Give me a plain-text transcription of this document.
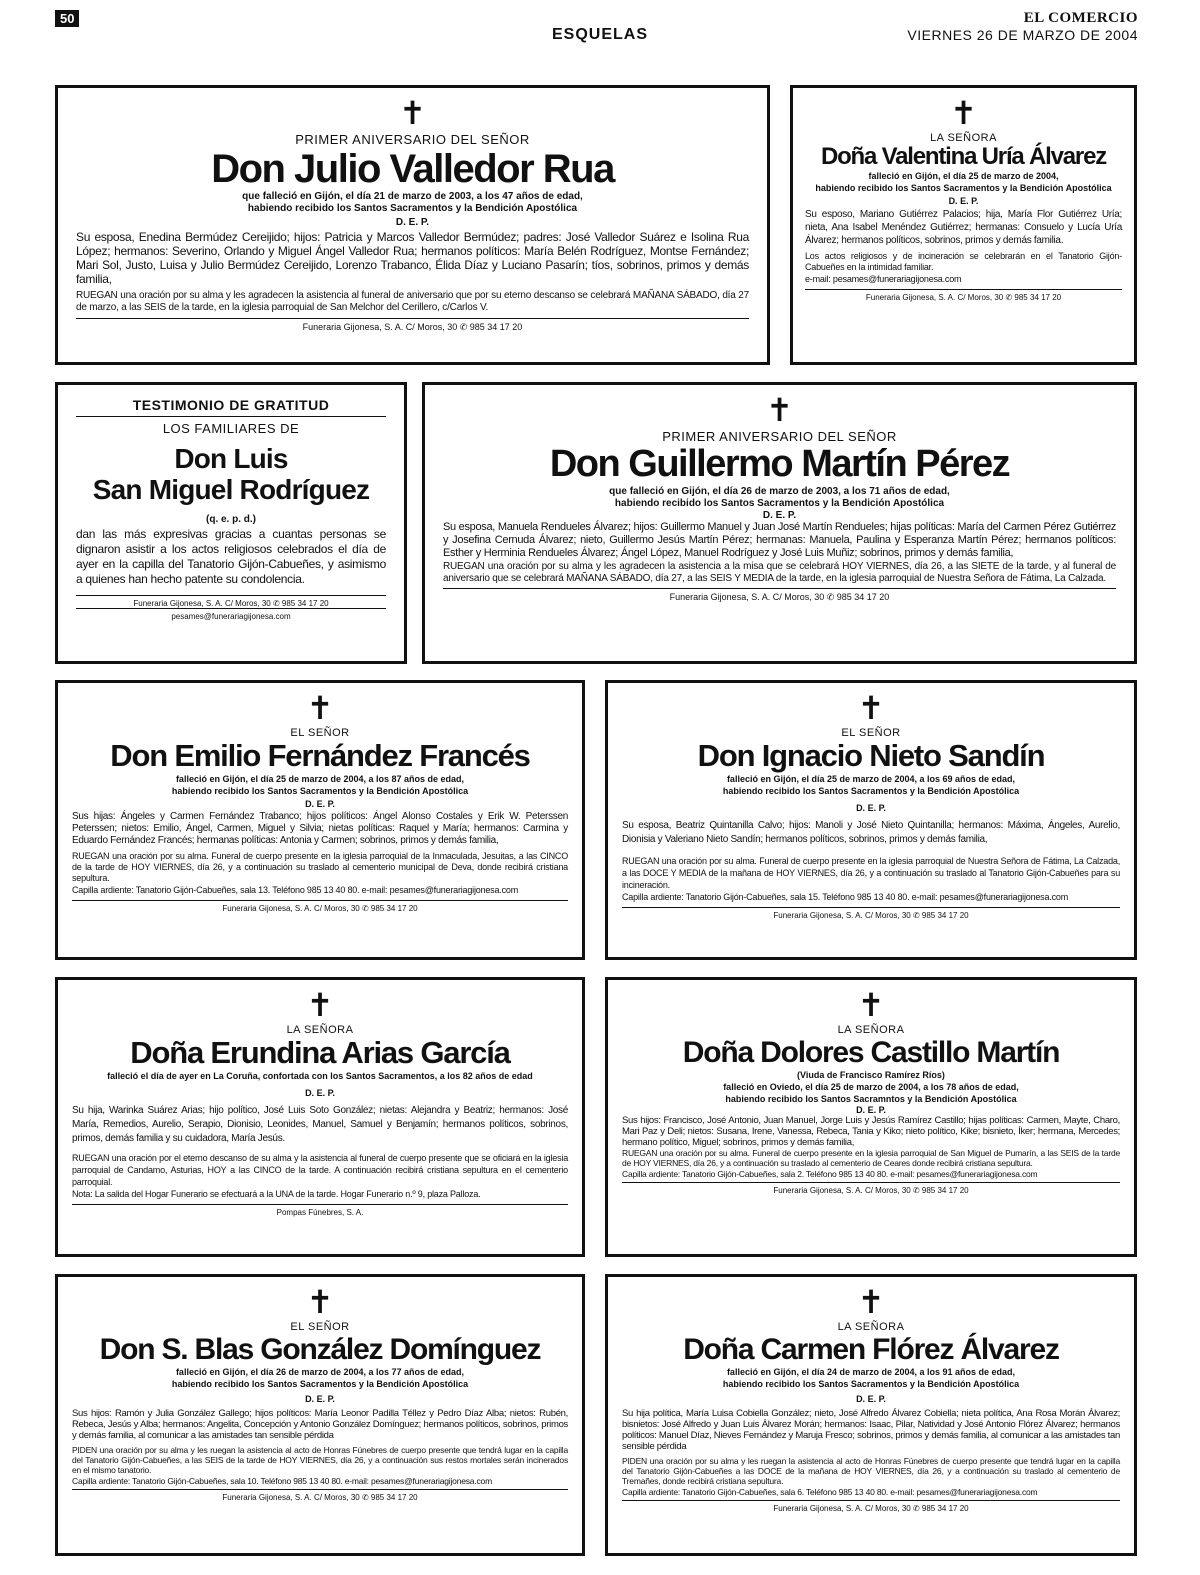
50
ESQUELAS
EL COMERCIO
VIERNES 26 DE MARZO DE 2004
✝
PRIMER ANIVERSARIO DEL SEÑOR
Don Julio Valledor Rua
que falleció en Gijón, el día 21 de marzo de 2003, a los 47 años de edad,
habiendo recibido los Santos Sacramentos y la Bendición Apostólica
D. E. P.
Su esposa, Enedina Bermúdez Cereijido; hijos: Patricia y Marcos Valledor Bermúdez; padres: José Valledor Suárez e Isolina Rua López; hermanos: Severino, Orlando y Miguel Ángel Valledor Rua; hermanos políticos: María Belén Rodríguez, Montse Fernández; Mari Sol, Justo, Luisa y Julio Bermúdez Cereijido, Lorenzo Trabanco, Élida Díaz y Luciano Pasarín; tíos, sobrinos, primos y demás familia,
RUEGAN una oración por su alma y les agradecen la asistencia al funeral de aniversario que por su eterno descanso se celebrará MAÑANA SÁBADO, día 27 de marzo, a las SEIS de la tarde, en la iglesia parroquial de San Melchor del Cerillero, c/Carlos V.
Funeraria Gijonesa, S. A. C/ Moros, 30 ✆ 985 34 17 20
✝
LA SEÑORA
Doña Valentina Uría Álvarez
falleció en Gijón, el día 25 de marzo de 2004,
habiendo recibido los Santos Sacramentos y la Bendición Apostólica
D. E. P.
Su esposo, Mariano Gutiérrez Palacios; hija, María Flor Gutiérrez Uría; nieta, Ana Isabel Menéndez Gutiérrez; hermanas: Consuelo y Lucía Uría Álvarez; hermanos políticos, sobrinos, primos y demás familia.
Los actos religiosos y de incineración se celebrarán en el Tanatorio Gijón-Cabueñes en la intimidad familiar.
e-mail: pesames@funerariagijonesa.com
Funeraria Gijonesa, S. A. C/ Moros, 30 ✆ 985 34 17 20
TESTIMONIO DE GRATITUD
LOS FAMILIARES DE
Don Luis
San Miguel Rodríguez
(q. e. p. d.)
dan las más expresivas gracias a cuantas personas se dignaron asistir a los actos religiosos celebrados el día de ayer en la capilla del Tanatorio Gijón-Cabueñes, y asimismo a quienes han hecho patente su condolencia.
Funeraria Gijonesa, S. A. C/ Moros, 30 ✆ 985 34 17 20
pesames@funerariagijonesa.com
✝
PRIMER ANIVERSARIO DEL SEÑOR
Don Guillermo Martín Pérez
que falleció en Gijón, el día 26 de marzo de 2003, a los 71 años de edad,
habiendo recibido los Santos Sacramentos y la Bendición Apostólica
D. E. P.
Su esposa, Manuela Rendueles Álvarez; hijos: Guillermo Manuel y Juan José Martín Rendueles; hijas políticas: María del Carmen Pérez Gutiérrez y Josefina Cernuda Álvarez; nieto, Guillermo Jesús Martín Pérez; hermanas: Manuela, Paulina y Esperanza Martín Pérez; hermanos políticos: Esther y Herminia Rendueles Álvarez; Ángel López, Manuel Rodríguez y José Luis Muñiz; sobrinos, primos y demás familia,
RUEGAN una oración por su alma y les agradecen la asistencia a la misa que se celebrará HOY VIERNES, día 26, a las SIETE de la tarde, y al funeral de aniversario que se celebrará MAÑANA SÁBADO, día 27, a las SEIS Y MEDIA de la tarde, en la iglesia parroquial de Nuestra Señora de Fátima, La Calzada.
Funeraria Gijonesa, S. A. C/ Moros, 30 ✆ 985 34 17 20
✝
EL SEÑOR
Don Emilio Fernández Francés
falleció en Gijón, el día 25 de marzo de 2004, a los 87 años de edad,
habiendo recibido los Santos Sacramentos y la Bendición Apostólica
D. E. P.
Sus hijas: Ángeles y Carmen Fernández Trabanco; hijos políticos: Ángel Alonso Costales y Erik W. Peterssen Peterssen; nietos: Emilio, Ángel, Carmen, Miguel y Silvia; nietas políticas: Raquel y María; hermanos: Carmina y Eduardo Fernández Francés; hermanas políticas: Antonia y Carmen; sobrinos, primos y demás familia,
RUEGAN una oración por su alma. Funeral de cuerpo presente en la iglesia parroquial de la Inmaculada, Jesuitas, a las CINCO de la tarde de HOY VIERNES, día 26, y a continuación su traslado al cementerio municipal de Deva, donde recibirá cristiana sepultura.
Capilla ardiente: Tanatorio Gijón-Cabueñes, sala 13. Teléfono 985 13 40 80. e-mail: pesames@funerariagijonesa.com
Funeraria Gijonesa, S. A. C/ Moros, 30 ✆ 985 34 17 20
✝
EL SEÑOR
Don Ignacio Nieto Sandín
falleció en Gijón, el día 25 de marzo de 2004, a los 69 años de edad,
habiendo recibido los Santos Sacramentos y la Bendición Apostólica
D. E. P.
Su esposa, Beatriz Quintanilla Calvo; hijos: Manoli y José Nieto Quintanilla; hermanos: Máxima, Ángeles, Aurelio, Dionisia y Valeriano Nieto Sandín; hermanos políticos, sobrinos, primos y demás familia,
RUEGAN una oración por su alma. Funeral de cuerpo presente en la iglesia parroquial de Nuestra Señora de Fátima, La Calzada, a las DOCE Y MEDIA de la mañana de HOY VIERNES, día 26, y a continuación su traslado al Tanatorio Gijón-Cabueñes para su incineración.
Capilla ardiente: Tanatorio Gijón-Cabueñes, sala 15. Teléfono 985 13 40 80. e-mail: pesames@funerariagijonesa.com
Funeraria Gijonesa, S. A. C/ Moros, 30 ✆ 985 34 17 20
✝
LA SEÑORA
Doña Erundina Arias García
falleció el día de ayer en La Coruña, confortada con los Santos Sacramentos, a los 82 años de edad
D. E. P.
Su hija, Warinka Suárez Arias; hijo político, José Luis Soto González; nietas: Alejandra y Beatriz; hermanos: José María, Remedios, Aurelio, Serapio, Dionisio, Leonides, Manuel, Samuel y Benjamín; hermanos políticos, sobrinos, primos, demás familia y su cuidadora, María Jesús.
RUEGAN una oración por el eterno descanso de su alma y la asistencia al funeral de cuerpo presente que se oficiará en la iglesia parroquial de Candamo, Asturias, HOY a las CINCO de la tarde. A continuación recibirá cristiana sepultura en el cementerio parroquial.
Nota: La salida del Hogar Funerario se efectuará a la UNA de la tarde. Hogar Funerario n.º 9, plaza Palloza.
Pompas Fúnebres, S. A.
✝
LA SEÑORA
Doña Dolores Castillo Martín
(Viuda de Francisco Ramírez Ríos)
falleció en Oviedo, el día 25 de marzo de 2004, a los 78 años de edad,
habiendo recibido los Santos Sacramntos y la Bendición Apostólica
D. E. P.
Sus hijos: Francisco, José Antonio, Juan Manuel, Jorge Luis y Jesús Ramírez Castillo; hijas políticas: Carmen, Mayte, Charo, Mari Paz y Deli; nietos: Susana, Irene, Vanessa, Rebeca, Tania y Kiko; nieto político, Kike; bisnieto, Íker; hermana, Mercedes; hermano político, Miguel; sobrinos, primos y demás familia,
RUEGAN una oración por su alma. Funeral de cuerpo presente en la iglesia parroquial de San Miguel de Pumarín, a las SEIS de la tarde de HOY VIERNES, día 26, y a continuación su traslado al cementerio de Ceares donde recibirá cristiana sepultura.
Capilla ardiente: Tanatorio Gijón-Cabueñes, sala 2. Teléfono 985 13 40 80. e-mail: pesames@funerariagijonesa.com
Funeraria Gijonesa, S. A. C/ Moros, 30 ✆ 985 34 17 20
✝
EL SEÑOR
Don S. Blas González Domínguez
falleció en Gijón, el día 26 de marzo de 2004, a los 77 años de edad,
habiendo recibido los Santos Sacramentos y la Bendición Apostólica
D. E. P.
Sus hijos: Ramón y Julia González Gallego; hijos políticos: María Leonor Padilla Téllez y Pedro Díaz Alba; nietos: Rubén, Rebeca, Jesús y Alba; hermanos: Angelita, Concepción y Antonio González Domínguez; hermanos políticos, sobrinos, primos y demás familia, al comunicar a las amistades tan sensible pérdida
PIDEN una oración por su alma y les ruegan la asistencia al acto de Honras Fúnebres de cuerpo presente que tendrá lugar en la capilla del Tanatorio Gijón-Cabueñes, a las SEIS de la tarde de HOY VIERNES, día 26, y a continuación sus restos mortales serán incinerados en el mismo tanatorio.
Capilla ardiente: Tanatorio Gijón-Cabueñes, sala 10. Teléfono 985 13 40 80. e-mail: pesames@funerariagijonesa.com
Funeraria Gijonesa, S. A. C/ Moros, 30 ✆ 985 34 17 20
✝
LA SEÑORA
Doña Carmen Flórez Álvarez
falleció en Gijón, el día 24 de marzo de 2004, a los 91 años de edad,
habiendo recibido los Santos Sacramentos y la Bendición Apostólica
D. E. P.
Su hija política, María Luisa Cobiella González; nieto, José Alfredo Álvarez Cobiella; nieta política, Ana Rosa Morán Álvarez; bisnietos: José Alfredo y Juan Luis Álvarez Morán; hermanos: Isaac, Pilar, Natividad y José Antonio Flórez Álvarez; hermanos políticos: Manuel Díaz, Nieves Fernández y Maruja Fresco; sobrinos, primos y demás familia, al comunicar a las amistades tan sensible pérdida
PIDEN una oración por su alma y les ruegan la asistencia al acto de Honras Fúnebres de cuerpo presente que tendrá lugar en la capilla del Tanatorio Gijón-Cabueñes a las DOCE de la mañana de HOY VIERNES, día 26, y a continuación su traslado al cementerio de Tremañes, donde recibirá cristiana sepultura.
Capilla ardiente: Tanatorio Gijón-Cabueñes, sala 6. Teléfono 985 13 40 80. e-mail: pesames@funerariagijonesa.com
Funeraria Gijonesa, S. A. C/ Moros, 30 ✆ 985 34 17 20
